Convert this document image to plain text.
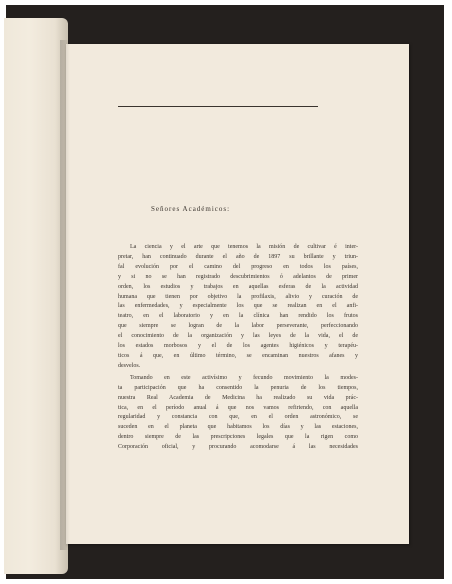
Señores Académicos:
La ciencia y el arte que tenemos la misión de cultivar é inter-
pretar, han continuado durante el año de 1897 su brillante y triun-
fal evolución por el camino del progreso en todos los países,
y si no se han registrado descubrimientos ó adelantos de primer
orden, los estudios y trabajos en aquellas esferas de la actividad
humana que tienen por objetivo la profilaxis, alivio y curación de
las enfermedades, y especialmente los que se realizan en el anfi-
teatro, en el laboratorio y en la clínica han rendido los frutos
que siempre se logran de la labor perseverante, perfeccionando
el conocimiento de la organización y las leyes de la vida, el de
los estados morbosos y el de los agentes higiénicos y terapéu-
ticos á que, en último término, se encaminan nuestros afanes y
desvelos.
Tomando en este activísimo y fecundo movimiento la modes-
ta participación que ha consentido la penuria de los tiempos,
nuestra Real Academia de Medicina ha realizado su vida prác-
tica, en el período anual á que nos vamos refiriendo, con aquella
regularidad y constancia con que, en el orden astronómico, se
suceden en el planeta que habitamos los días y las estaciones,
dentro siempre de las prescripciones legales que la rigen como
Corporación oficial, y procurando acomodarse á las necesidades
